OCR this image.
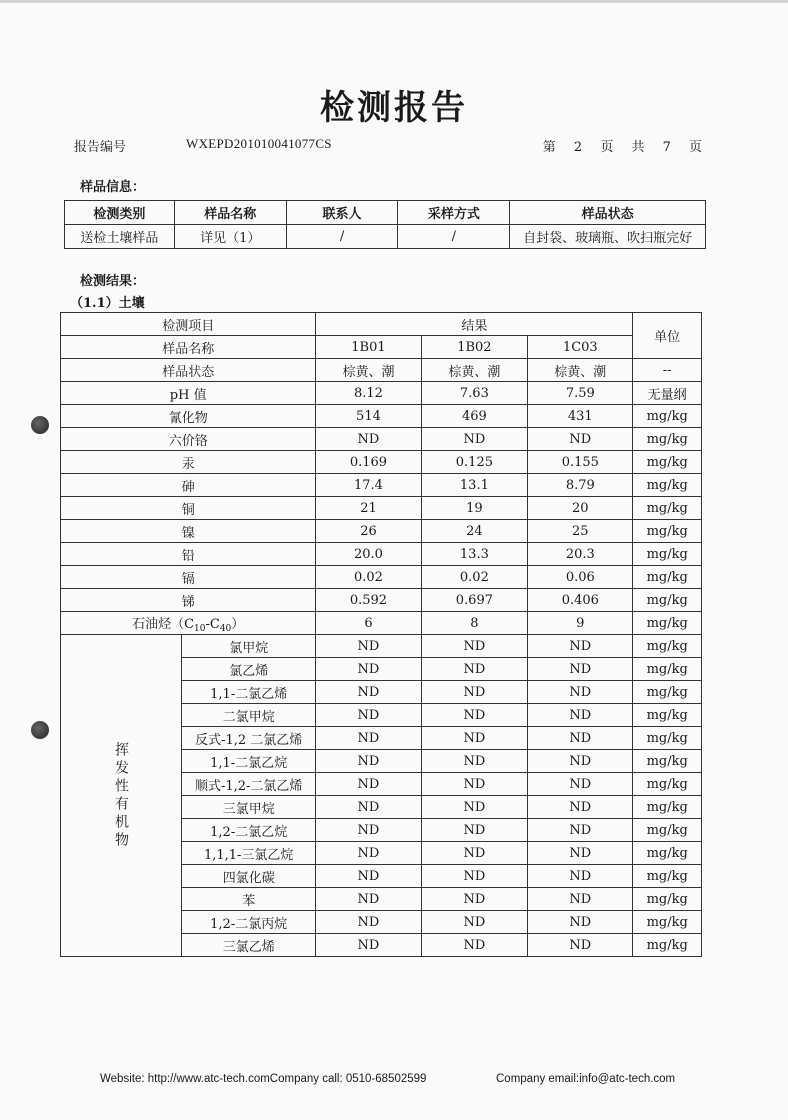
检测报告
报告编号	WXEPD201010041077CS	第 2 页 共 7 页
样品信息：
检测类别	样品名称	联系人	采样方式	样品状态
送检土壤样品	详见（1）	/	/	自封袋、玻璃瓶、吹扫瓶完好
检测结果：
（1.1）土壤
检测项目		结果			单位
样品名称		1B01	1B02	1C03	
样品状态		棕黄、潮	棕黄、潮	棕黄、潮	--
pH 值		8.12	7.63	7.59	无量纲
氰化物		514	469	431	mg/kg
六价铬		ND	ND	ND	mg/kg
汞		0.169	0.125	0.155	mg/kg
砷		17.4	13.1	8.79	mg/kg
铜		21	19	20	mg/kg
镍		26	24	25	mg/kg
铅		20.0	13.3	20.3	mg/kg
镉		0.02	0.02	0.06	mg/kg
锑		0.592	0.697	0.406	mg/kg
石油烃$(C_{10}-C_{40})$		6	8	9	mg/kg
挥发性有机物	氯甲烷	ND	ND	ND	mg/kg
	氯乙烯	ND	ND	ND	mg/kg
	1,1-二氯乙烯	ND	ND	ND	mg/kg
	二氯甲烷	ND	ND	ND	mg/kg
	反式-1,2 二氯乙烯	ND	ND	ND	mg/kg
	1,1-二氯乙烷	ND	ND	ND	mg/kg
	顺式-1,2-二氯乙烯	ND	ND	ND	mg/kg
	三氯甲烷	ND	ND	ND	mg/kg
	1,2-二氯乙烷	ND	ND	ND	mg/kg
	1,1,1-三氯乙烷	ND	ND	ND	mg/kg
	四氯化碳	ND	ND	ND	mg/kg
	苯	ND	ND	ND	mg/kg
	1,2-二氯丙烷	ND	ND	ND	mg/kg
	三氯乙烯	ND	ND	ND	mg/kg
Website: http://www.atc-tech.comCompany call: 0510-68502599	Company email:info@atc-tech.com
